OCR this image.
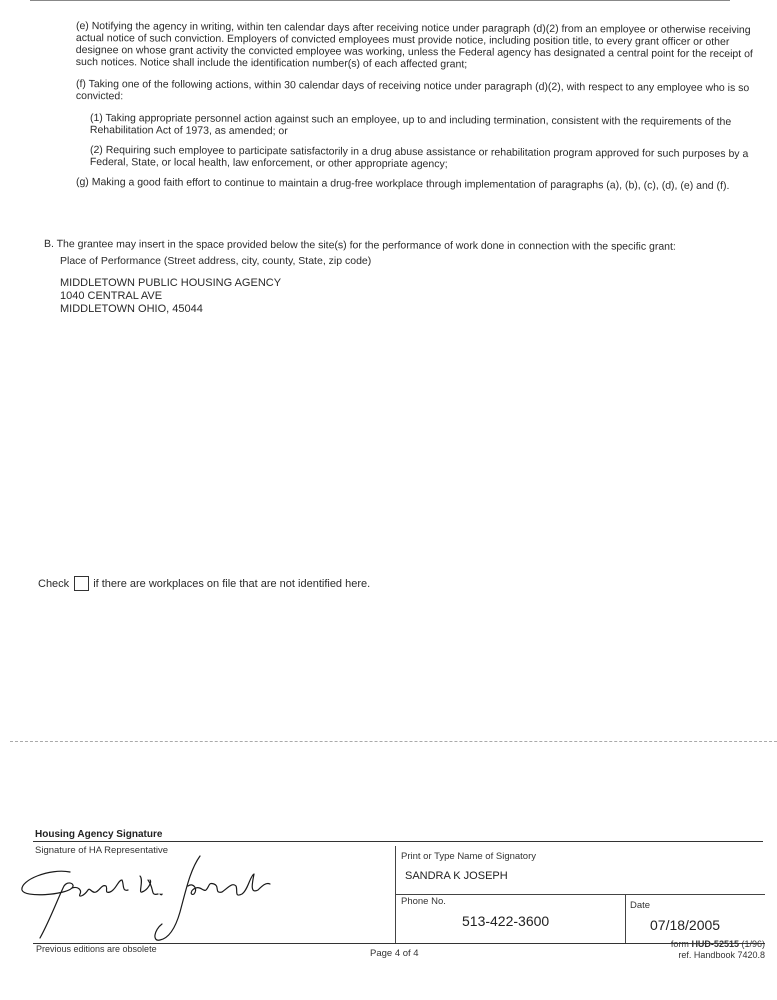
(e) Notifying the agency in writing, within ten calendar days after receiving notice under paragraph (d)(2) from an employee or otherwise receiving actual notice of such conviction. Employers of convicted employees must provide notice, including position title, to every grant officer or other designee on whose grant activity the convicted employee was working, unless the Federal agency has designated a central point for the receipt of such notices. Notice shall include the identification number(s) of each affected grant;
(f) Taking one of the following actions, within 30 calendar days of receiving notice under paragraph (d)(2), with respect to any employee who is so convicted:
(1) Taking appropriate personnel action against such an employee, up to and including termination, consistent with the requirements of the Rehabilitation Act of 1973, as amended; or
(2) Requiring such employee to participate satisfactorily in a drug abuse assistance or rehabilitation program approved for such purposes by a Federal, State, or local health, law enforcement, or other appropriate agency;
(g) Making a good faith effort to continue to maintain a drug-free workplace through implementation of paragraphs (a), (b), (c), (d), (e) and (f).
B. The grantee may insert in the space provided below the site(s) for the performance of work done in connection with the specific grant:
Place of Performance (Street address, city, county, State, zip code)
MIDDLETOWN PUBLIC HOUSING AGENCY
1040 CENTRAL AVE
MIDDLETOWN OHIO, 45044
Check if there are workplaces on file that are not identified here.
Housing Agency Signature
Signature of HA Representative
Print or Type Name of Signatory
SANDRA K JOSEPH
Phone No.
513-422-3600
Date
07/18/2005
Previous editions are obsolete	Page 4 of 4
form HUD-52515 (1/96)
ref. Handbook 7420.8
